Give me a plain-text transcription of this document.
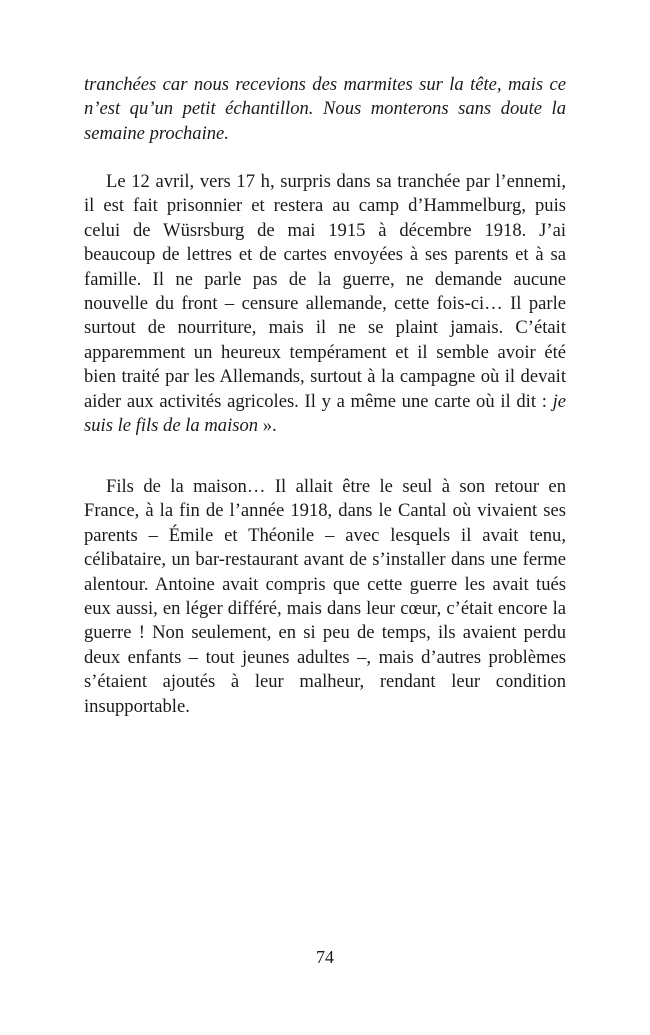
tranchées car nous recevions des marmites sur la tête, mais ce n’est qu’un petit échantillon. Nous monterons sans doute la semaine prochaine.

Le 12 avril, vers 17 h, surpris dans sa tranchée par l’ennemi, il est fait prisonnier et restera au camp d’Hammelburg, puis celui de Wüsrsburg de mai 1915 à décembre 1918. J’ai beaucoup de lettres et de cartes envoyées à ses parents et à sa famille. Il ne parle pas de la guerre, ne demande aucune nouvelle du front – censure allemande, cette fois-ci… Il parle surtout de nourriture, mais il ne se plaint jamais. C’était apparemment un heureux tempérament et il semble avoir été bien traité par les Allemands, surtout à la campagne où il devait aider aux activités agricoles. Il y a même une carte où il dit : je suis le fils de la maison ».

Fils de la maison… Il allait être le seul à son retour en France, à la fin de l’année 1918, dans le Cantal où vivaient ses parents – Émile et Théonile – avec lesquels il avait tenu, célibataire, un bar-restaurant avant de s’installer dans une ferme alentour. Antoine avait compris que cette guerre les avait tués eux aussi, en léger différé, mais dans leur cœur, c’était encore la guerre ! Non seulement, en si peu de temps, ils avaient perdu deux enfants – tout jeunes adultes –, mais d’autres problèmes s’étaient ajoutés à leur malheur, rendant leur condition insupportable.

74
